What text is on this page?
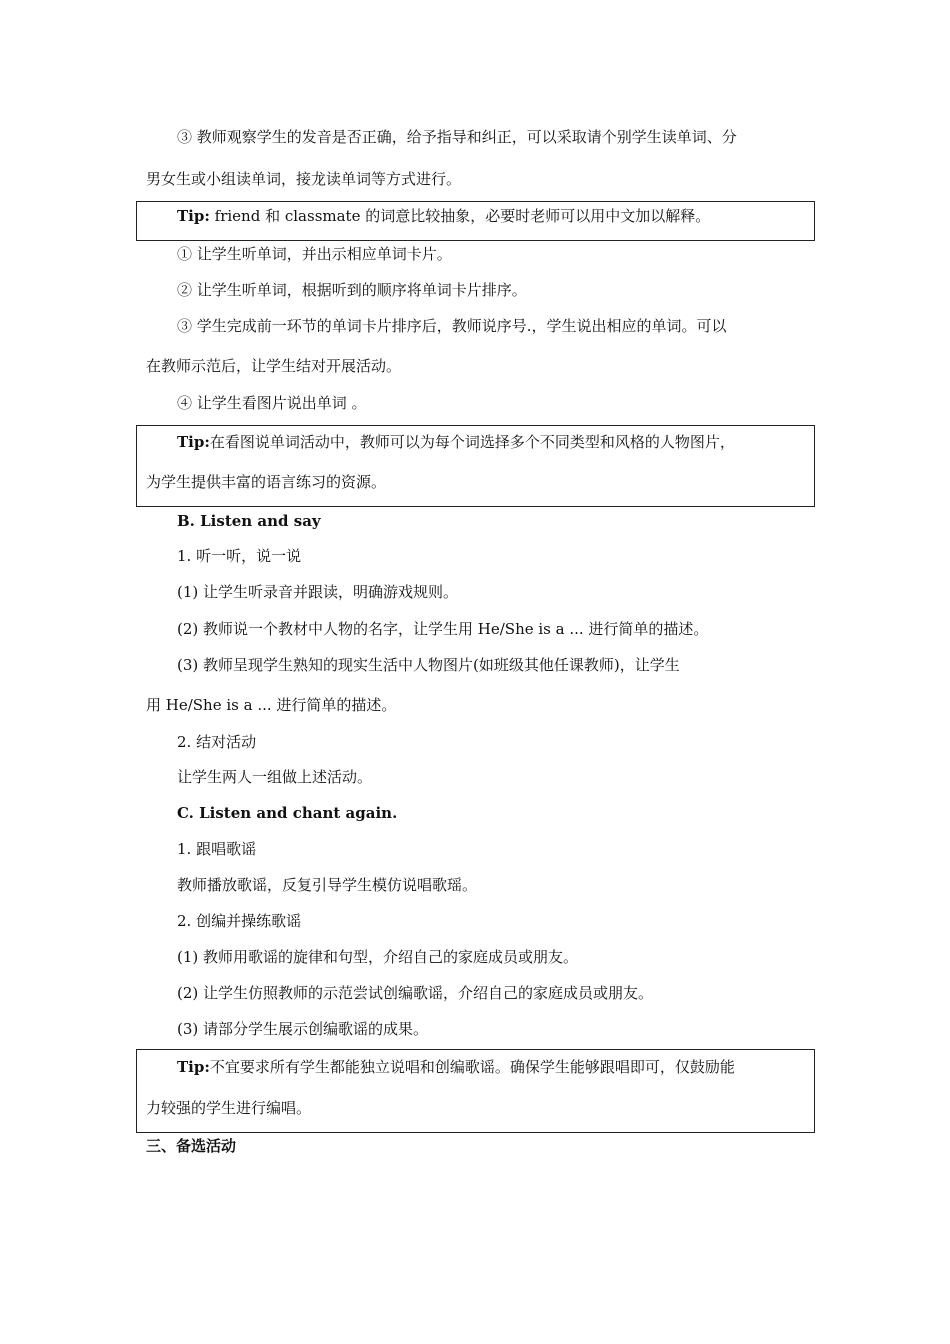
③ 教师观察学生的发音是否正确，给予指导和纠正，可以采取请个别学生读单词、分
男女生或小组读单词，接龙读单词等方式进行。
Tip: friend 和 classmate 的词意比较抽象，必要时老师可以用中文加以解释。
① 让学生听单词，并出示相应单词卡片。
② 让学生听单词，根据听到的顺序将单词卡片排序。
③ 学生完成前一环节的单词卡片排序后，教师说序号.，学生说出相应的单词。可以
在教师示范后，让学生结对开展活动。
④ 让学生看图片说出单词 。
Tip:在看图说单词活动中，教师可以为每个词选择多个不同类型和风格的人物图片，
为学生提供丰富的语言练习的资源。
B. Listen and say
1. 听一听，说一说
(1) 让学生听录音并跟读，明确游戏规则。
(2) 教师说一个教材中人物的名字，让学生用 He/She is a ... 进行简单的描述。
(3) 教师呈现学生熟知的现实生活中人物图片(如班级其他任课教师)，让学生
用 He/She is a ... 进行简单的描述。
2. 结对活动
让学生两人一组做上述活动。
C. Listen and chant again.
1. 跟唱歌谣
教师播放歌谣，反复引导学生模仿说唱歌瑶。
2. 创编并操练歌谣
(1) 教师用歌谣的旋律和句型，介绍自己的家庭成员或朋友。
(2) 让学生仿照教师的示范尝试创编歌谣，介绍自己的家庭成员或朋友。
(3) 请部分学生展示创编歌谣的成果。
Tip:不宜要求所有学生都能独立说唱和创编歌谣。确保学生能够跟唱即可，仅鼓励能
力较强的学生进行编唱。
三、备选活动
